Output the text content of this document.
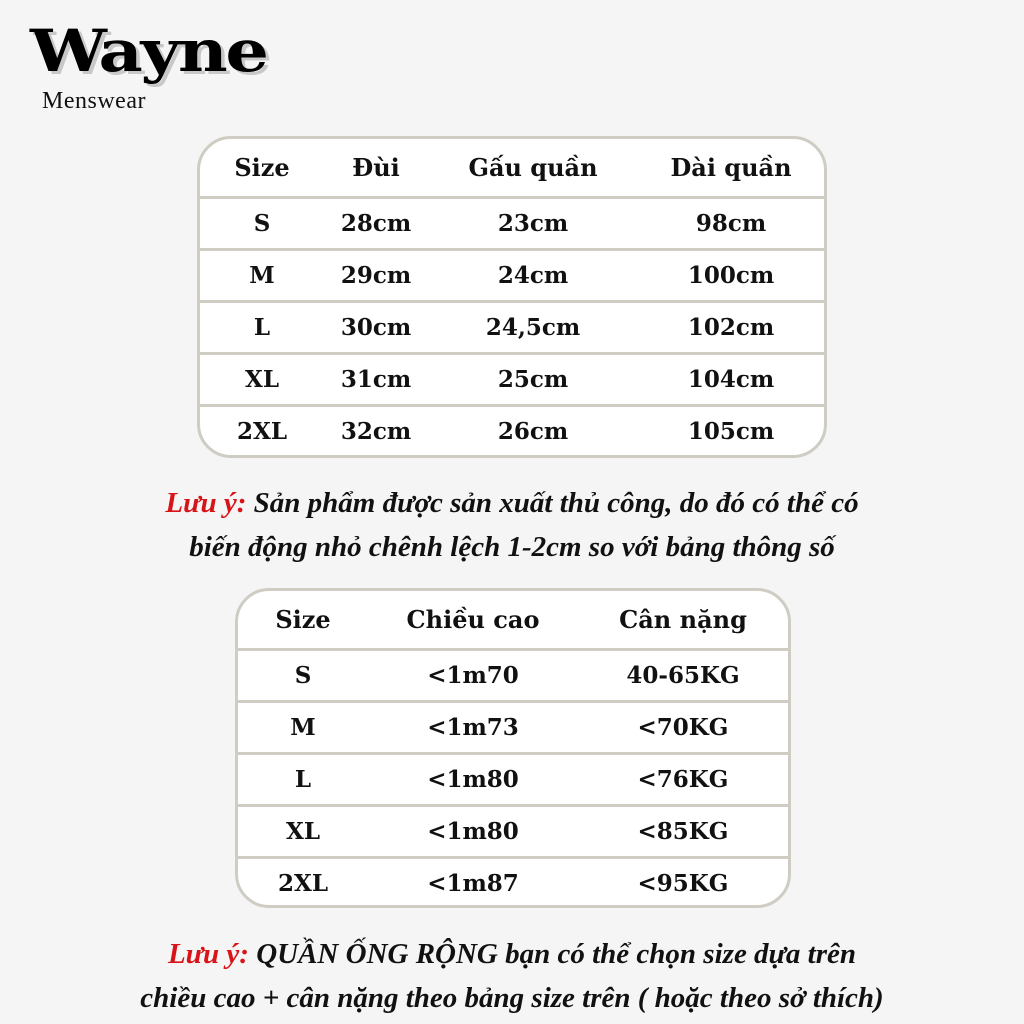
Wayne
Menswear
Size	Đùi	Gấu quần	Dài quần
S	28cm	23cm	98cm
M	29cm	24cm	100cm
L	30cm	24,5cm	102cm
XL	31cm	25cm	104cm
2XL	32cm	26cm	105cm
Lưu ý: Sản phẩm được sản xuất thủ công, do đó có thể có
biến động nhỏ chênh lệch 1-2cm so với bảng thông số
Size	Chiều cao	Cân nặng
S	<1m70	40-65KG
M	<1m73	<70KG
L	<1m80	<76KG
XL	<1m80	<85KG
2XL	<1m87	<95KG
Lưu ý: QUẦN ỐNG RỘNG bạn có thể chọn size dựa trên
chiều cao + cân nặng theo bảng size trên ( hoặc theo sở thích)
